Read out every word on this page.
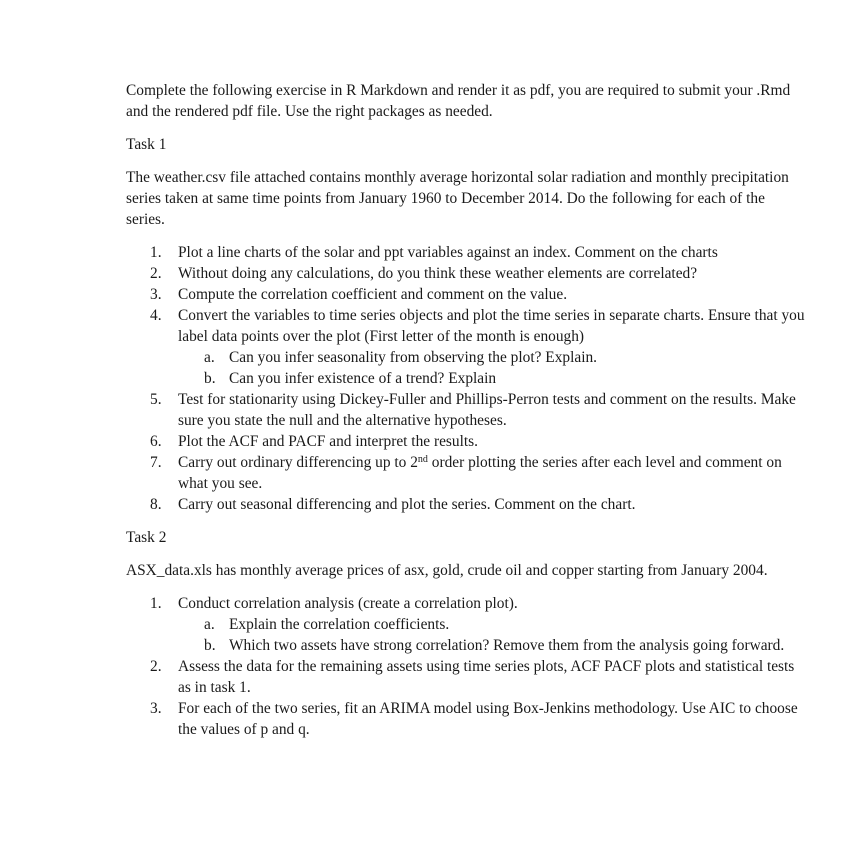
Complete the following exercise in R Markdown and render it as pdf, you are required to submit your .Rmd and the rendered pdf file. Use the right packages as needed.

Task 1

The weather.csv file attached contains monthly average horizontal solar radiation and monthly precipitation series taken at same time points from January 1960 to December 2014. Do the following for each of the series.

1. Plot a line charts of the solar and ppt variables against an index. Comment on the charts
2. Without doing any calculations, do you think these weather elements are correlated?
3. Compute the correlation coefficient and comment on the value.
4. Convert the variables to time series objects and plot the time series in separate charts. Ensure that you label data points over the plot (First letter of the month is enough)
a. Can you infer seasonality from observing the plot? Explain.
b. Can you infer existence of a trend? Explain
5. Test for stationarity using Dickey-Fuller and Phillips-Perron tests and comment on the results. Make sure you state the null and the alternative hypotheses.
6. Plot the ACF and PACF and interpret the results.
7. Carry out ordinary differencing up to 2nd order plotting the series after each level and comment on what you see.
8. Carry out seasonal differencing and plot the series. Comment on the chart.

Task 2

ASX_data.xls has monthly average prices of asx, gold, crude oil and copper starting from January 2004.

1. Conduct correlation analysis (create a correlation plot).
a. Explain the correlation coefficients.
b. Which two assets have strong correlation? Remove them from the analysis going forward.
2. Assess the data for the remaining assets using time series plots, ACF PACF plots and statistical tests as in task 1.
3. For each of the two series, fit an ARIMA model using Box-Jenkins methodology. Use AIC to choose the values of p and q.
